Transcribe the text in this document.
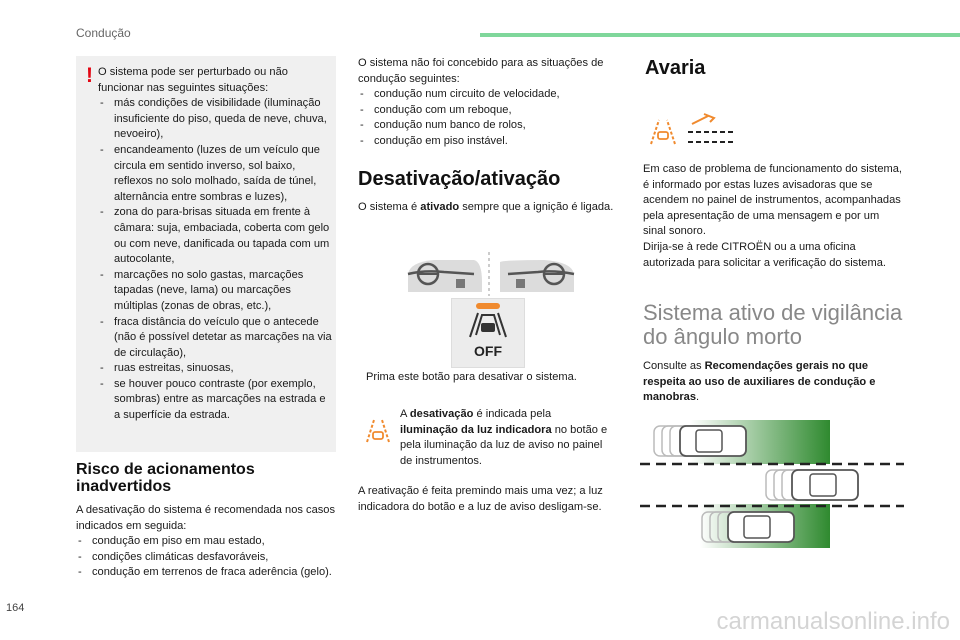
Condução
! O sistema pode ser perturbado ou não funcionar nas seguintes situações:
- más condições de visibilidade (iluminação insuficiente do piso, queda de neve, chuva, nevoeiro),
- encandeamento (luzes de um veículo que circula em sentido inverso, sol baixo, reflexos no solo molhado, saída de túnel, alternância entre sombras e luzes),
- zona do para-brisas situada em frente à câmara: suja, embaciada, coberta com gelo ou com neve, danificada ou tapada com um autocolante,
- marcações no solo gastas, marcações tapadas (neve, lama) ou marcações múltiplas (zonas de obras, etc.),
- fraca distância do veículo que o antecede (não é possível detetar as marcações na via de circulação),
- ruas estreitas, sinuosas,
- se houver pouco contraste (por exemplo, sombras) entre as marcações na estrada e a superfície da estrada.
Risco de acionamentos inadvertidos
A desativação do sistema é recomendada nos casos indicados em seguida:
- condução em piso em mau estado,
- condições climáticas desfavoráveis,
- condução em terrenos de fraca aderência (gelo).
O sistema não foi concebido para as situações de condução seguintes:
- condução num circuito de velocidade,
- condução com um reboque,
- condução num banco de rolos,
- condução em piso instável.
Desativação/ativação
O sistema é ativado sempre que a ignição é ligada.
OFF
Prima este botão para desativar o sistema.
A desativação é indicada pela iluminação da luz indicadora no botão e pela iluminação da luz de aviso no painel de instrumentos.
A reativação é feita premindo mais uma vez; a luz indicadora do botão e a luz de aviso desligam-se.
Avaria
Em caso de problema de funcionamento do sistema, é informado por estas luzes avisadoras que se acendem no painel de instrumentos, acompanhadas pela apresentação de uma mensagem e por um sinal sonoro.
Dirija-se à rede CITROËN ou a uma oficina autorizada para solicitar a verificação do sistema.
Sistema ativo de vigilância do ângulo morto
Consulte as Recomendações gerais no que respeita ao uso de auxiliares de condução e manobras.
164	carmanualsonline.info
